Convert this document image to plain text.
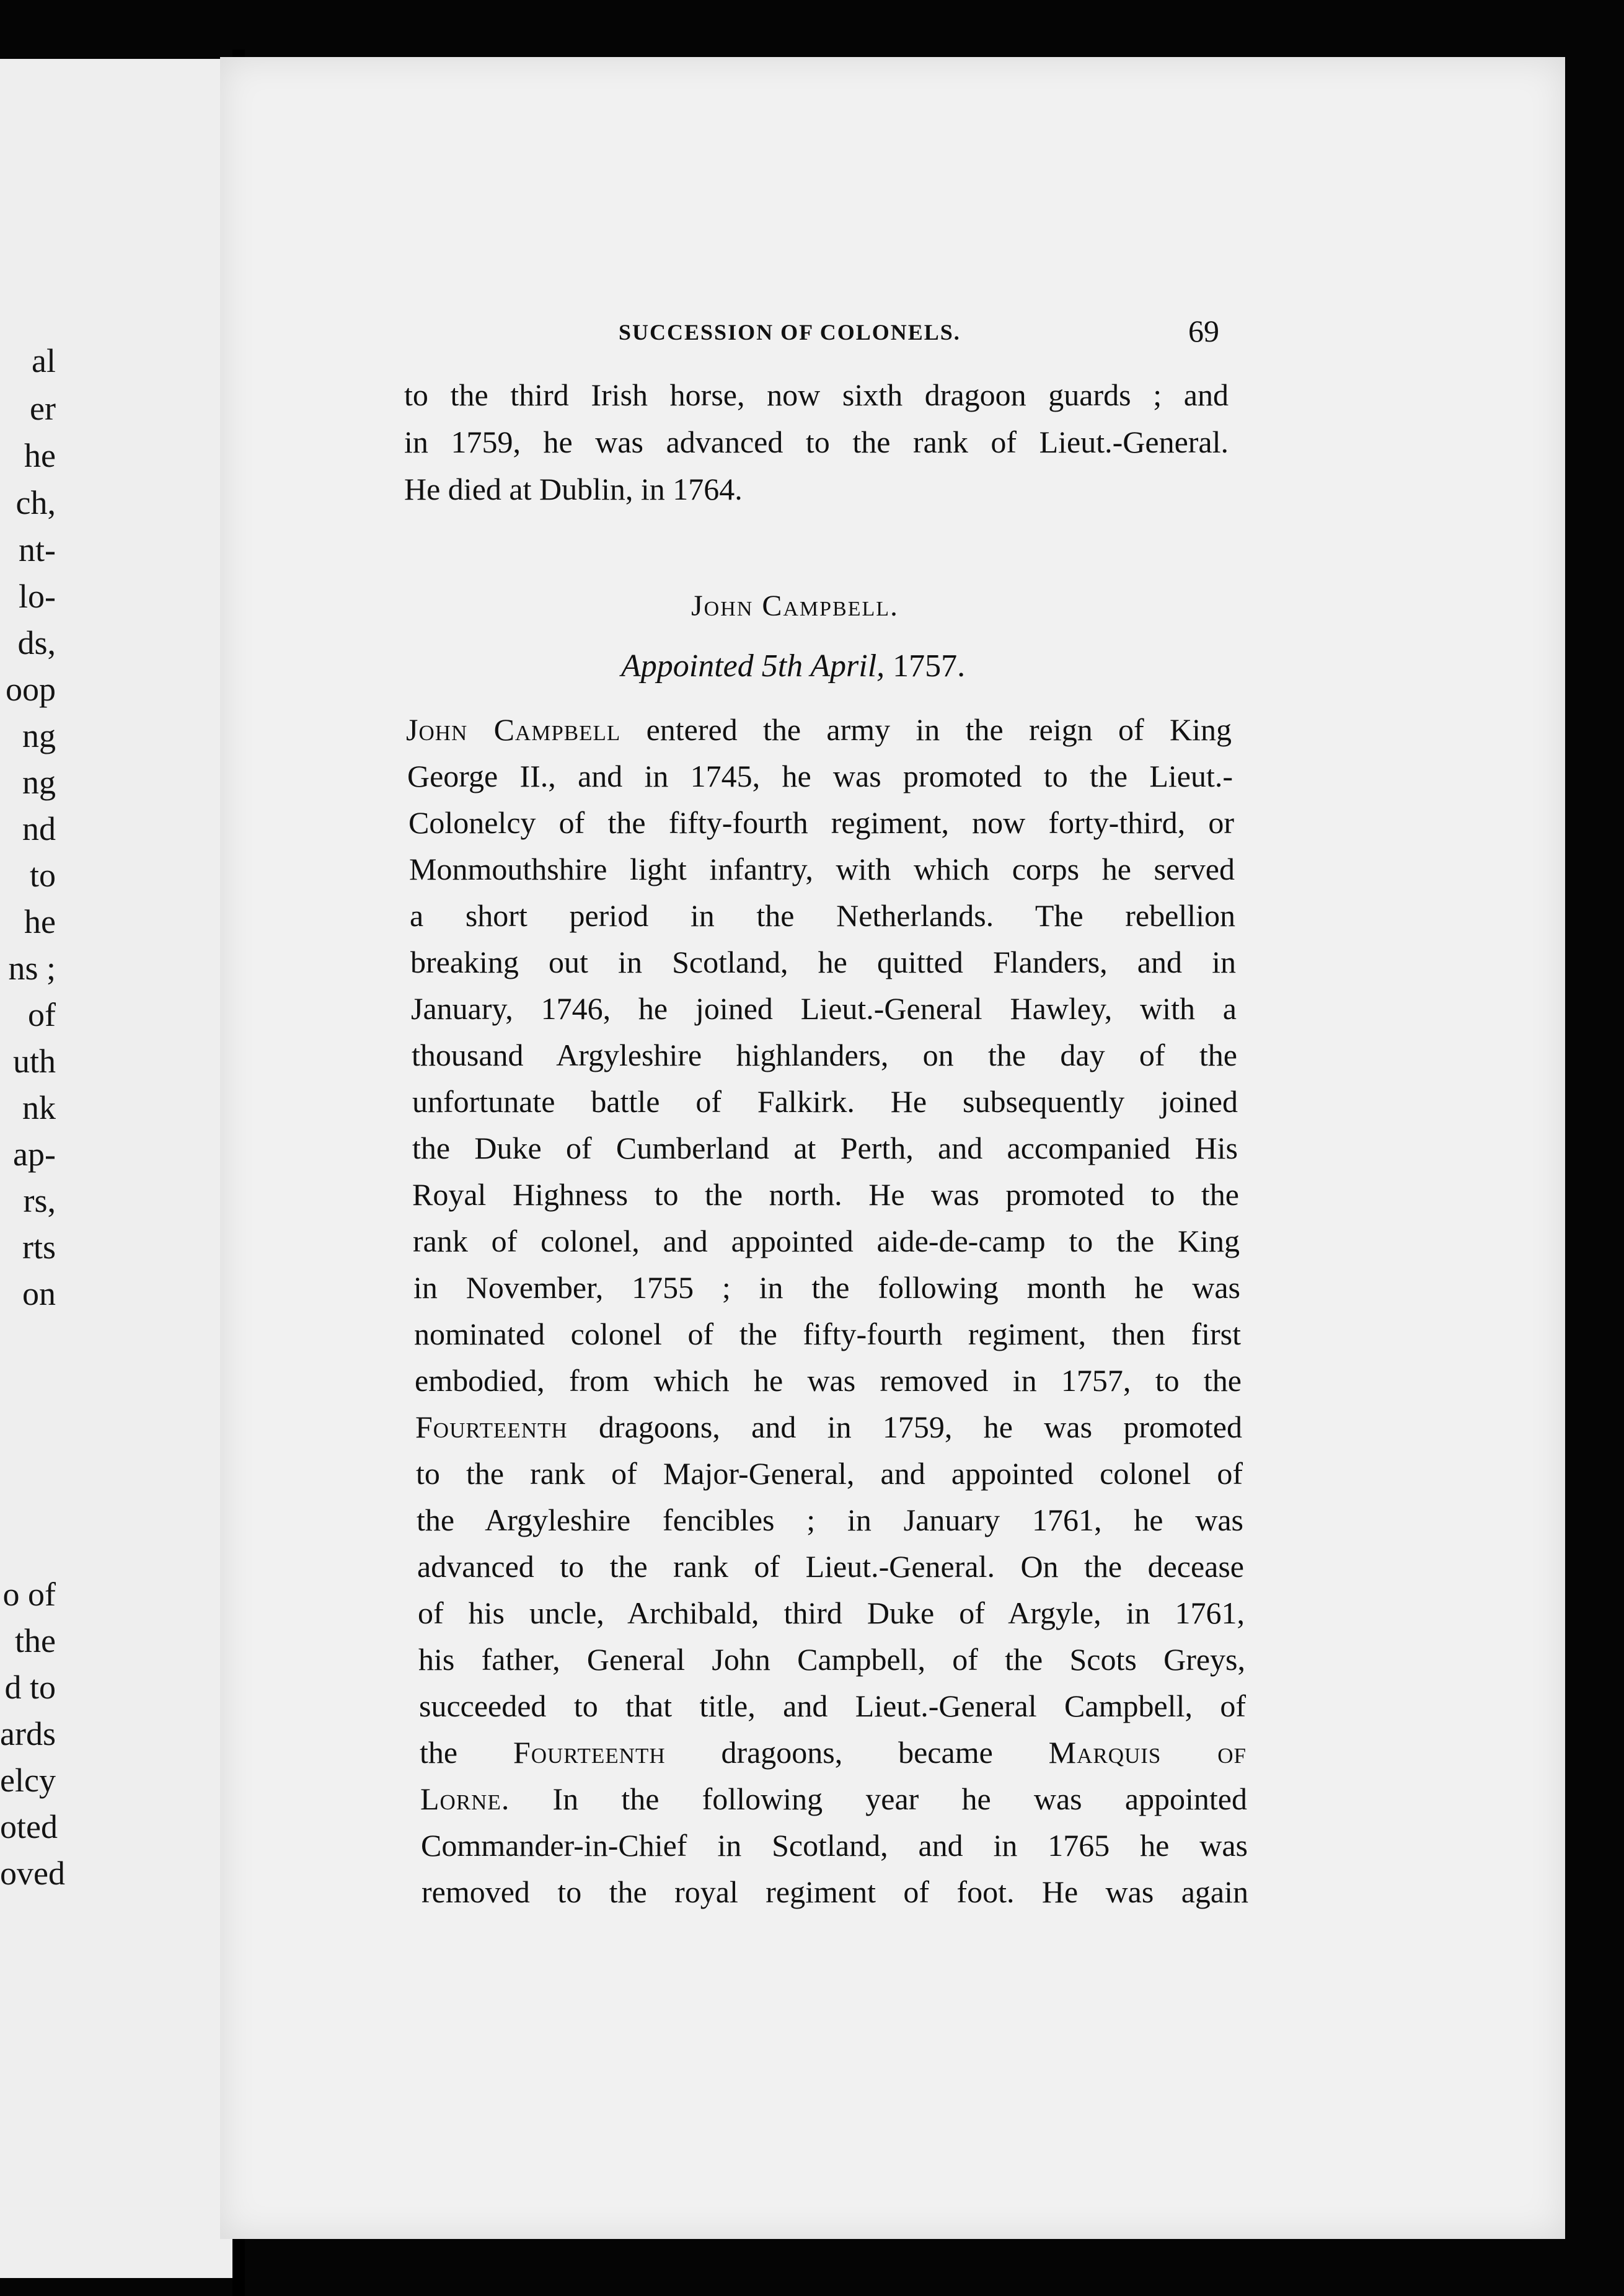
al
er
he
ch,
nt-
lo-
ds,
oop
ng
ng
nd
to
he
ns ;
of
uth
nk
ap-
rs,
rts
on
o of
the
d to
ards
elcy
oted
oved
SUCCESSION OF COLONELS.	69
to the third Irish horse, now sixth dragoon guards ; and
in 1759, he was advanced to the rank of Lieut.-General.
He died at Dublin, in 1764.
John Campbell.
Appointed 5th April, 1757.
John Campbell entered the army in the reign of King
George II., and in 1745, he was promoted to the Lieut.-
Colonelcy of the fifty-fourth regiment, now forty-third, or
Monmouthshire light infantry, with which corps he served
a short period in the Netherlands. The rebellion
breaking out in Scotland, he quitted Flanders, and in
January, 1746, he joined Lieut.-General Hawley, with a
thousand Argyleshire highlanders, on the day of the
unfortunate battle of Falkirk. He subsequently joined
the Duke of Cumberland at Perth, and accompanied His
Royal Highness to the north. He was promoted to the
rank of colonel, and appointed aide-de-camp to the King
in November, 1755 ; in the following month he was
nominated colonel of the fifty-fourth regiment, then first
embodied, from which he was removed in 1757, to the
Fourteenth dragoons, and in 1759, he was promoted
to the rank of Major-General, and appointed colonel of
the Argyleshire fencibles ; in January 1761, he was
advanced to the rank of Lieut.-General. On the decease
of his uncle, Archibald, third Duke of Argyle, in 1761,
his father, General John Campbell, of the Scots Greys,
succeeded to that title, and Lieut.-General Campbell, of
the Fourteenth dragoons, became Marquis of
Lorne. In the following year he was appointed
Commander-in-Chief in Scotland, and in 1765 he was
removed to the royal regiment of foot. He was again
